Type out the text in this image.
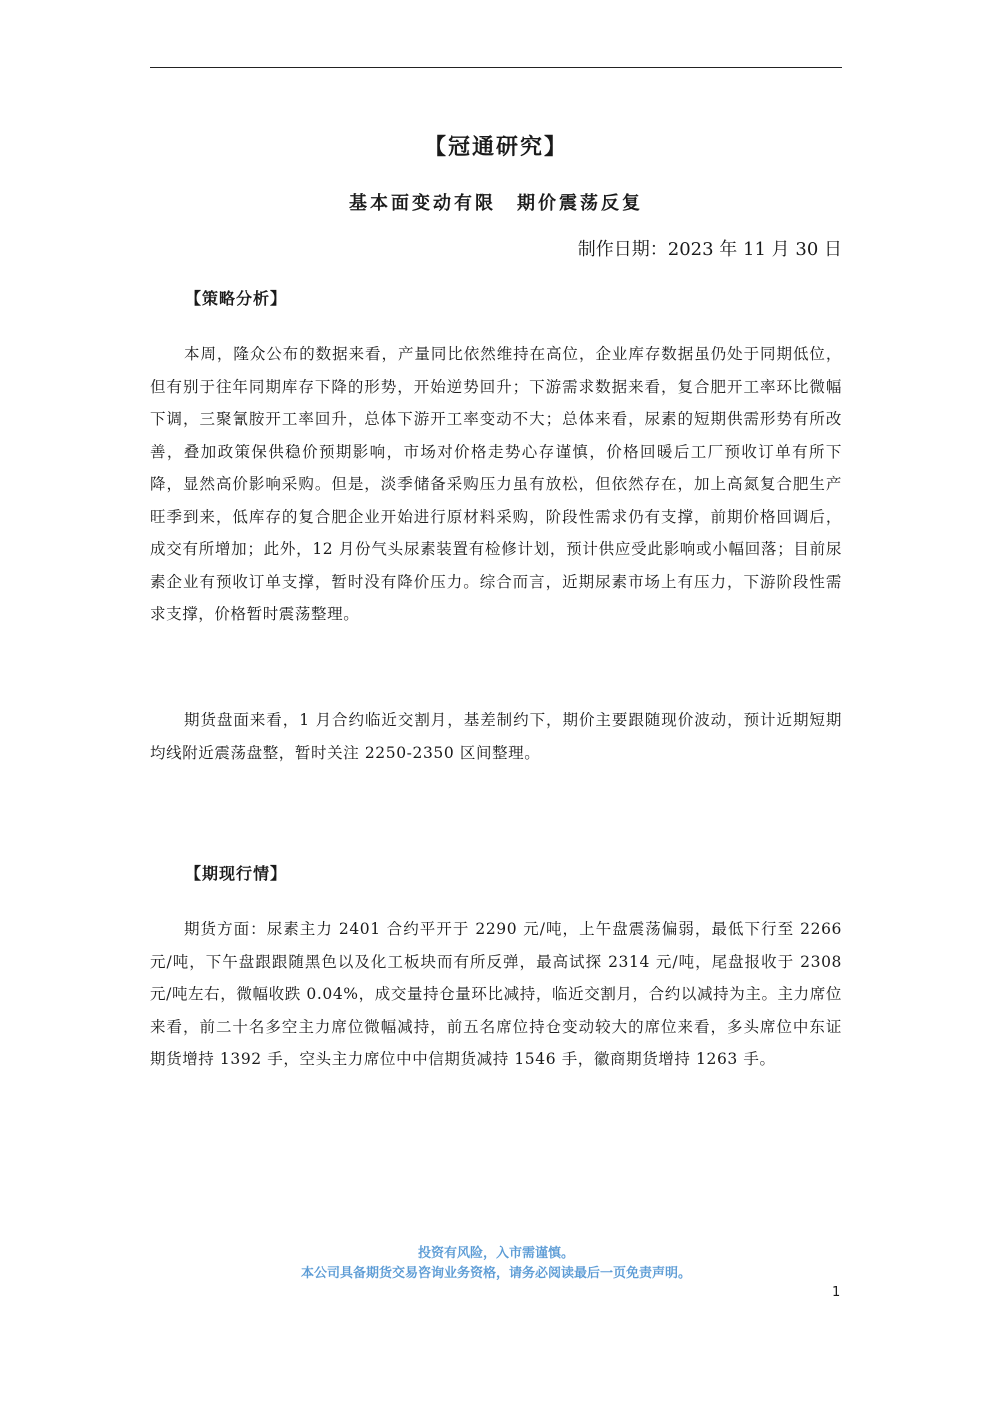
【冠通研究】
基本面变动有限　期价震荡反复
制作日期：2023 年 11 月 30 日
【策略分析】
本周，隆众公布的数据来看，产量同比依然维持在高位，企业库存数据虽仍处于同期低位，但有别于往年同期库存下降的形势，开始逆势回升；下游需求数据来看，复合肥开工率环比微幅下调，三聚氰胺开工率回升，总体下游开工率变动不大；总体来看，尿素的短期供需形势有所改善，叠加政策保供稳价预期影响，市场对价格走势心存谨慎，价格回暖后工厂预收订单有所下降，显然高价影响采购。但是，淡季储备采购压力虽有放松，但依然存在，加上高氮复合肥生产旺季到来，低库存的复合肥企业开始进行原材料采购，阶段性需求仍有支撑，前期价格回调后，成交有所增加；此外，12 月份气头尿素装置有检修计划，预计供应受此影响或小幅回落；目前尿素企业有预收订单支撑，暂时没有降价压力。综合而言，近期尿素市场上有压力，下游阶段性需求支撑，价格暂时震荡整理。
期货盘面来看，1 月合约临近交割月，基差制约下，期价主要跟随现价波动，预计近期短期均线附近震荡盘整，暂时关注 2250-2350 区间整理。
【期现行情】
期货方面：尿素主力 2401 合约平开于 2290 元/吨，上午盘震荡偏弱，最低下行至 2266 元/吨，下午盘跟跟随黑色以及化工板块而有所反弹，最高试探 2314 元/吨，尾盘报收于 2308 元/吨左右，微幅收跌 0.04%，成交量持仓量环比减持，临近交割月，合约以减持为主。主力席位来看，前二十名多空主力席位微幅减持，前五名席位持仓变动较大的席位来看，多头席位中东证期货增持 1392 手，空头主力席位中中信期货减持 1546 手，徽商期货增持 1263 手。
投资有风险，入市需谨慎。
本公司具备期货交易咨询业务资格，请务必阅读最后一页免责声明。
1
